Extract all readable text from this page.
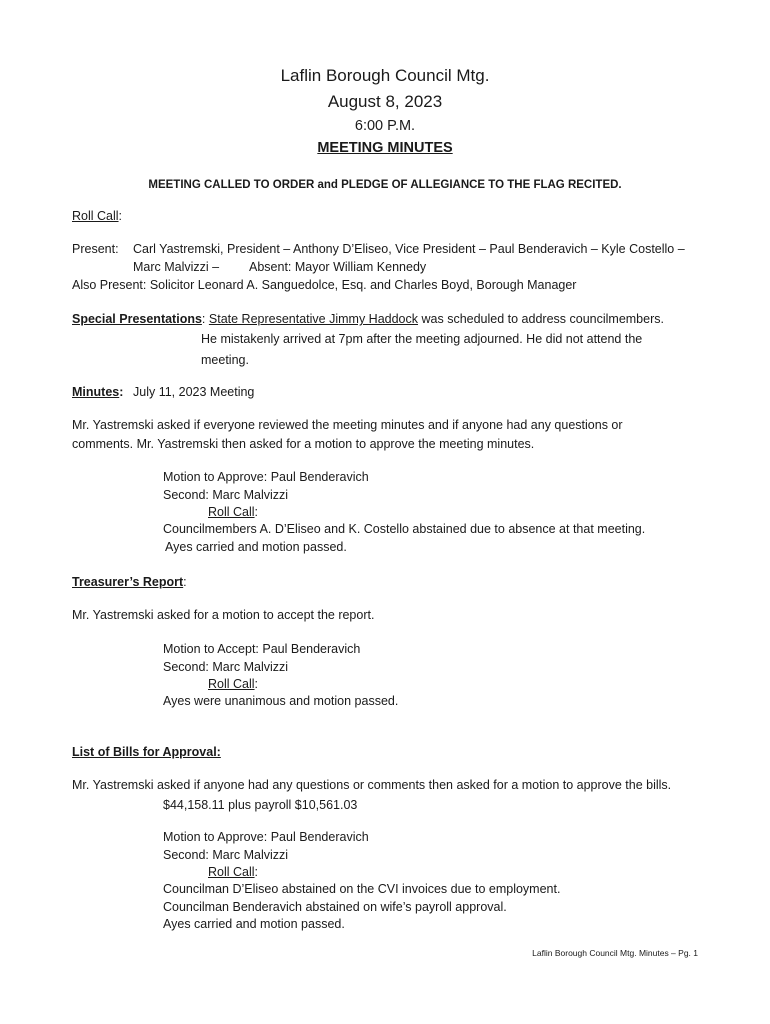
Laflin Borough Council Mtg.
August 8, 2023
6:00 P.M.
MEETING MINUTES
MEETING CALLED TO ORDER and PLEDGE OF ALLEGIANCE TO THE FLAG RECITED.
Roll Call:
Present: Carl Yastremski, President – Anthony D’Eliseo, Vice President – Paul Benderavich – Kyle Costello –
Marc Malvizzi – Absent: Mayor William Kennedy
Also Present: Solicitor Leonard A. Sanguedolce, Esq. and Charles Boyd, Borough Manager
Special Presentations: State Representative Jimmy Haddock was scheduled to address councilmembers.
He mistakenly arrived at 7pm after the meeting adjourned. He did not attend the
meeting.
Minutes: July 11, 2023 Meeting
Mr. Yastremski asked if everyone reviewed the meeting minutes and if anyone had any questions or
comments. Mr. Yastremski then asked for a motion to approve the meeting minutes.
Motion to Approve: Paul Benderavich
Second: Marc Malvizzi
Roll Call:
Councilmembers A. D’Eliseo and K. Costello abstained due to absence at that meeting.
Ayes carried and motion passed.
Treasurer’s Report:
Mr. Yastremski asked for a motion to accept the report.
Motion to Accept: Paul Benderavich
Second: Marc Malvizzi
Roll Call:
Ayes were unanimous and motion passed.
List of Bills for Approval:
Mr. Yastremski asked if anyone had any questions or comments then asked for a motion to approve the bills.
$44,158.11 plus payroll $10,561.03
Motion to Approve: Paul Benderavich
Second: Marc Malvizzi
Roll Call:
Councilman D’Eliseo abstained on the CVI invoices due to employment.
Councilman Benderavich abstained on wife’s payroll approval.
Ayes carried and motion passed.
Laflin Borough Council Mtg. Minutes – Pg. 1
